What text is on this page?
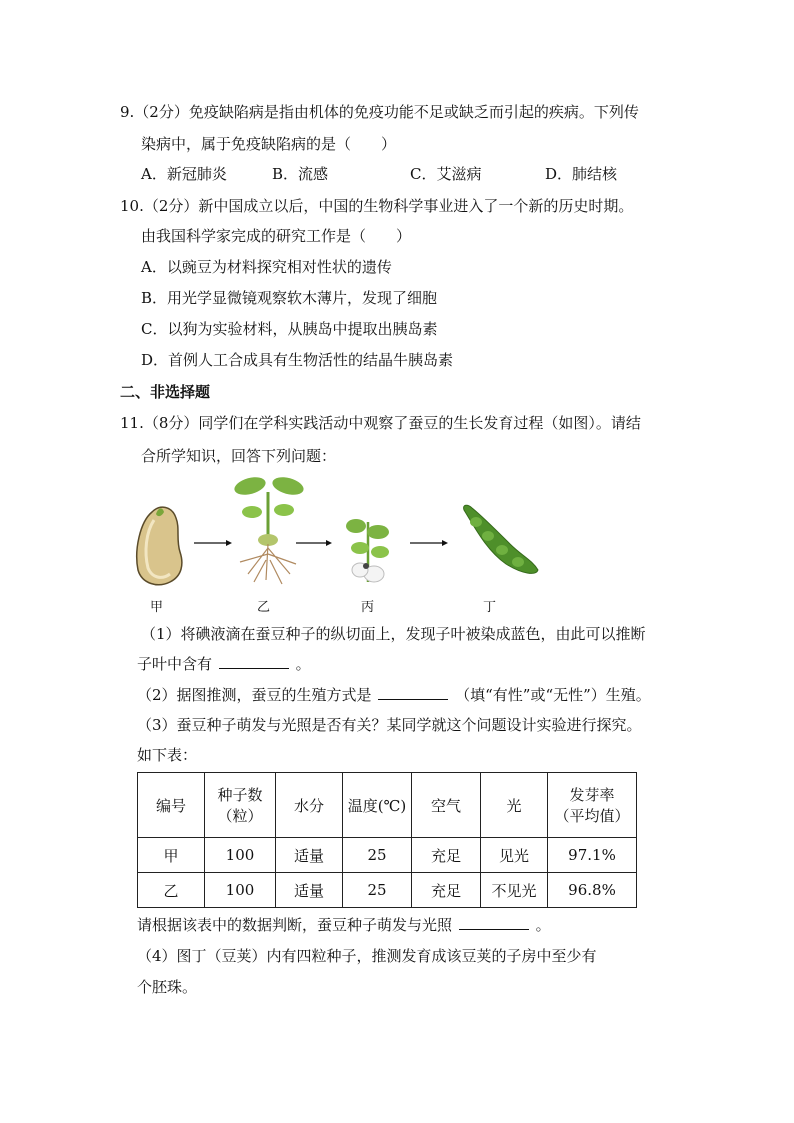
9.（2分）免疫缺陷病是指由机体的免疫功能不足或缺乏而引起的疾病。下列传
染病中，属于免疫缺陷病的是（　　）
A．新冠肺炎	B．流感	C．艾滋病	D．肺结核
10.（2分）新中国成立以后，中国的生物科学事业进入了一个新的历史时期。
由我国科学家完成的研究工作是（　　）
A．以豌豆为材料探究相对性状的遗传
B．用光学显微镜观察软木薄片，发现了细胞
C．以狗为实验材料，从胰岛中提取出胰岛素
D．首例人工合成具有生物活性的结晶牛胰岛素
二、非选择题
11.（8分）同学们在学科实践活动中观察了蚕豆的生长发育过程（如图）。请结
合所学知识，回答下列问题：
甲	乙	丙	丁
（1）将碘液滴在蚕豆种子的纵切面上，发现子叶被染成蓝色，由此可以推断
子叶中含有	。
（2）据图推测，蚕豆的生殖方式是	（填“有性”或“无性”）生殖。
（3）蚕豆种子萌发与光照是否有关？某同学就这个问题设计实验进行探究。
如下表：
编号	种子数
（粒）	水分	温度(℃)	空气	光	发芽率
（平均值）
甲	100	适量	25	充足	见光	97.1%
乙	100	适量	25	充足	不见光	96.8%
请根据该表中的数据判断，蚕豆种子萌发与光照	。
（4）图丁（豆荚）内有四粒种子，推测发育成该豆荚的子房中至少有
个胚珠。
